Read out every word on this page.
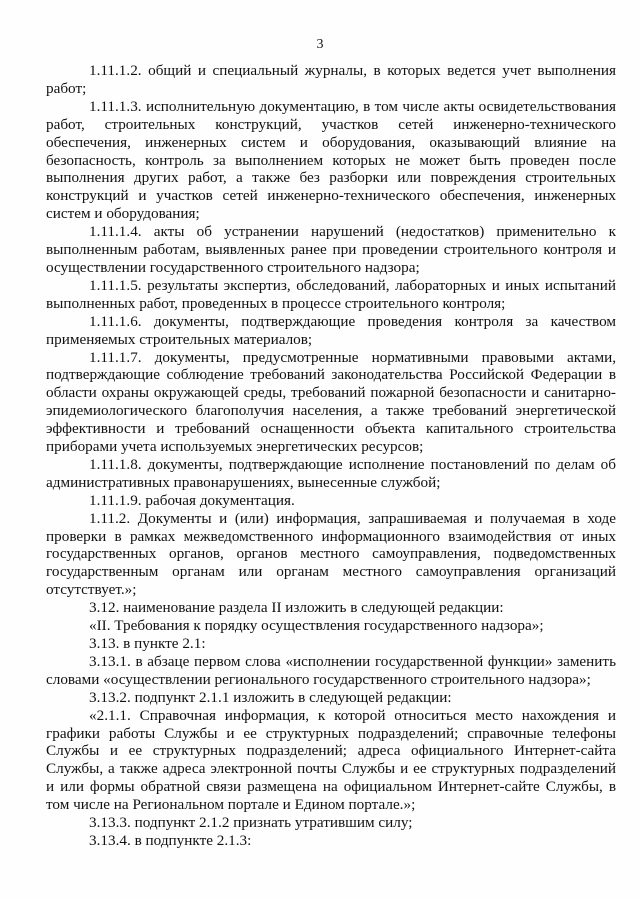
3

1.11.1.2. общий и специальный журналы, в которых ведется учет выполнения работ;

1.11.1.3. исполнительную документацию, в том числе акты освидетельствования работ, строительных конструкций, участков сетей инженерно-технического обеспечения, инженерных систем и оборудования, оказывающий влияние на безопасность, контроль за выполнением которых не может быть проведен после выполнения других работ, а также без разборки или повреждения строительных конструкций и участков сетей инженерно-технического обеспечения, инженерных систем и оборудования;

1.11.1.4. акты об устранении нарушений (недостатков) применительно к выполненным работам, выявленных ранее при проведении строительного контроля и осуществлении государственного строительного надзора;

1.11.1.5. результаты экспертиз, обследований, лабораторных и иных испытаний выполненных работ, проведенных в процессе строительного контроля;

1.11.1.6. документы, подтверждающие проведения контроля за качеством применяемых строительных материалов;

1.11.1.7. документы, предусмотренные нормативными правовыми актами, подтверждающие соблюдение требований законодательства Российской Федерации в области охраны окружающей среды, требований пожарной безопасности и санитарно-эпидемиологического благополучия населения, а также требований энергетической эффективности и требований оснащенности объекта капитального строительства приборами учета используемых энергетических ресурсов;

1.11.1.8. документы, подтверждающие исполнение постановлений по делам об административных правонарушениях, вынесенные службой;

1.11.1.9. рабочая документация.

1.11.2. Документы и (или) информация, запрашиваемая и получаемая в ходе проверки в рамках межведомственного информационного взаимодействия от иных государственных органов, органов местного самоуправления, подведомственных государственным органам или органам местного самоуправления организаций отсутствует.»;

3.12. наименование раздела II изложить в следующей редакции:

«II. Требования к порядку осуществления государственного надзора»;

3.13. в пункте 2.1:

3.13.1. в абзаце первом слова «исполнении государственной функции» заменить словами «осуществлении регионального государственного строительного надзора»;

3.13.2. подпункт 2.1.1 изложить в следующей редакции:

«2.1.1. Справочная информация, к которой относиться место нахождения и графики работы Службы и ее структурных подразделений; справочные телефоны Службы и ее структурных подразделений; адреса официального Интернет-сайта Службы, а также адреса электронной почты Службы и ее структурных подразделений и или формы обратной связи размещена на официальном Интернет-сайте Службы, в том числе на Региональном портале и Едином портале.»;

3.13.3. подпункт 2.1.2 признать утратившим силу;

3.13.4. в подпункте 2.1.3:
